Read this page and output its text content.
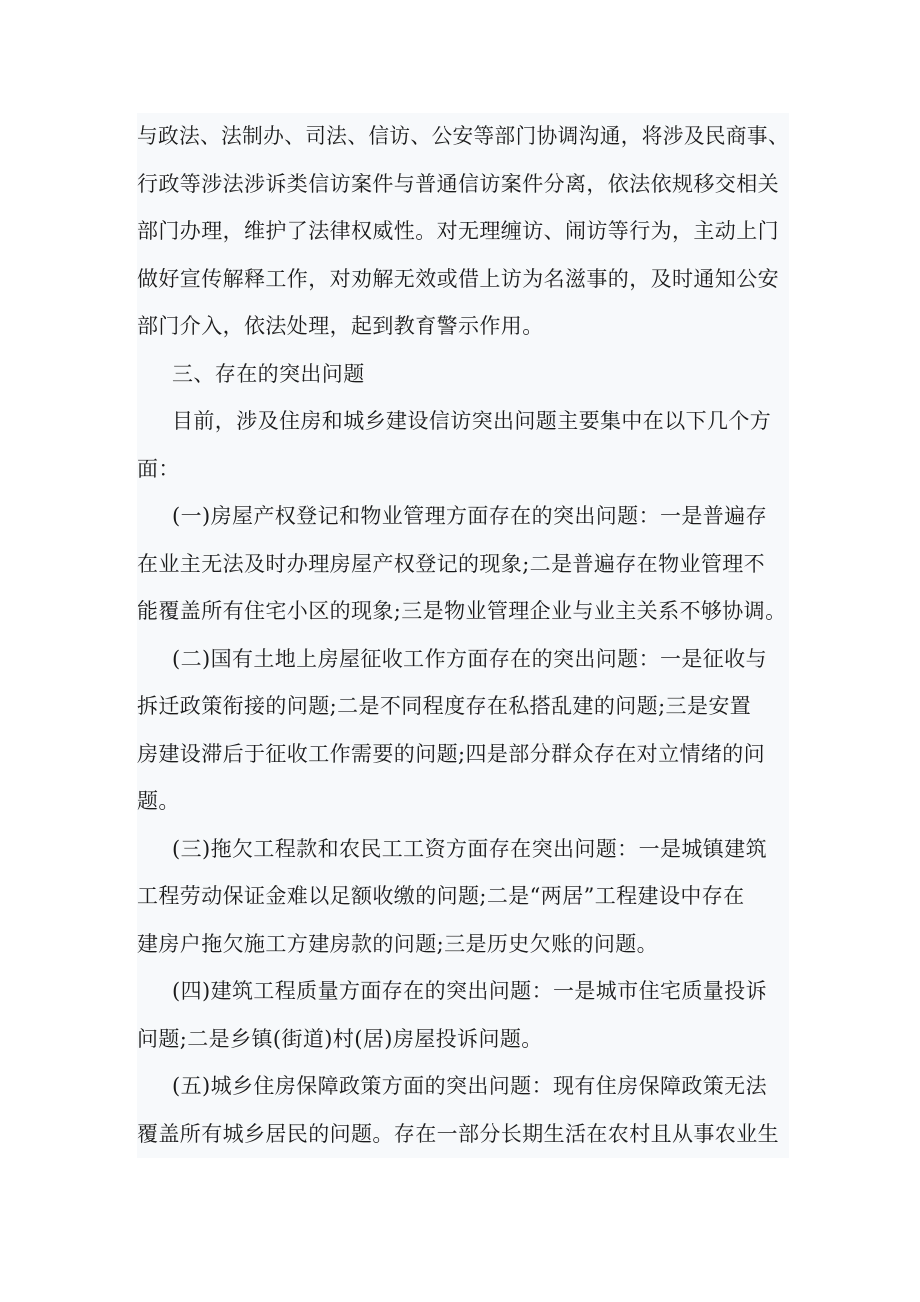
与政法、法制办、司法、信访、公安等部门协调沟通，将涉及民商事、
行政等涉法涉诉类信访案件与普通信访案件分离，依法依规移交相关
部门办理，维护了法律权威性。对无理缠访、闹访等行为，主动上门
做好宣传解释工作，对劝解无效或借上访为名滋事的，及时通知公安
部门介入，依法处理，起到教育警示作用。
三、存在的突出问题
目前，涉及住房和城乡建设信访突出问题主要集中在以下几个方
面：
(一)房屋产权登记和物业管理方面存在的突出问题：一是普遍存
在业主无法及时办理房屋产权登记的现象;二是普遍存在物业管理不
能覆盖所有住宅小区的现象;三是物业管理企业与业主关系不够协调。
(二)国有土地上房屋征收工作方面存在的突出问题：一是征收与
拆迁政策衔接的问题;二是不同程度存在私搭乱建的问题;三是安置
房建设滞后于征收工作需要的问题;四是部分群众存在对立情绪的问
题。
(三)拖欠工程款和农民工工资方面存在突出问题：一是城镇建筑
工程劳动保证金难以足额收缴的问题;二是“两居”工程建设中存在
建房户拖欠施工方建房款的问题;三是历史欠账的问题。
(四)建筑工程质量方面存在的突出问题：一是城市住宅质量投诉
问题;二是乡镇(街道)村(居)房屋投诉问题。
(五)城乡住房保障政策方面的突出问题：现有住房保障政策无法
覆盖所有城乡居民的问题。存在一部分长期生活在农村且从事农业生
